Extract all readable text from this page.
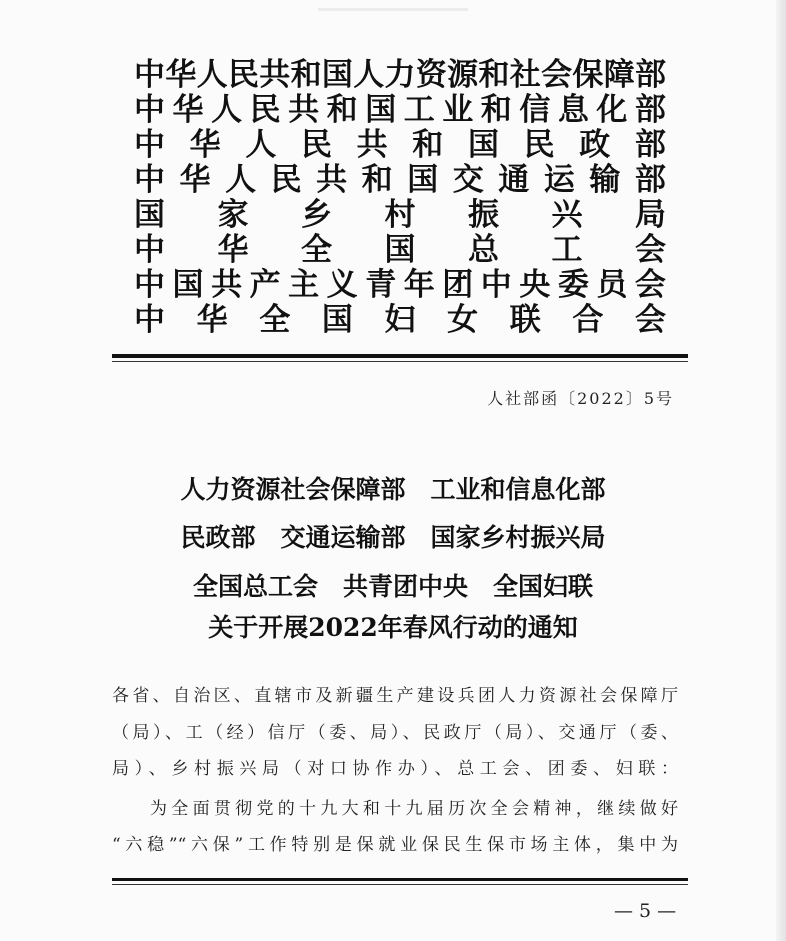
中 华 人 民 共 和 国 人 力 资 源 和 社 会 保 障 部
中 华 人 民 共 和 国 工 业 和 信 息 化 部
中 华 人 民 共 和 国 民 政 部
中 华 人 民 共 和 国 交 通 运 输 部
国 家 乡 村 振 兴 局
中 华 全 国 总 工 会
中 国 共 产 主 义 青 年 团 中 央 委 员 会
中 华 全 国 妇 女 联 合 会
人社部函〔2022〕5号
人力资源社会保障部　工业和信息化部
民政部　交通运输部　国家乡村振兴局
全国总工会　共青团中央　全国妇联
关于开展2022年春风行动的通知
各省、自治区、直辖市及新疆生产建设兵团人力资源社会保障厅
（局）、工（经）信厅（委、局）、民政厅（局）、交通厅（委、
局）、乡村振兴局（对口协作办）、总工会、团委、妇联：
为全面贯彻党的十九大和十九届历次全会精神，继续做好
“六稳”“六保”工作特别是保就业保民生保市场主体，集中为
— 5 —
